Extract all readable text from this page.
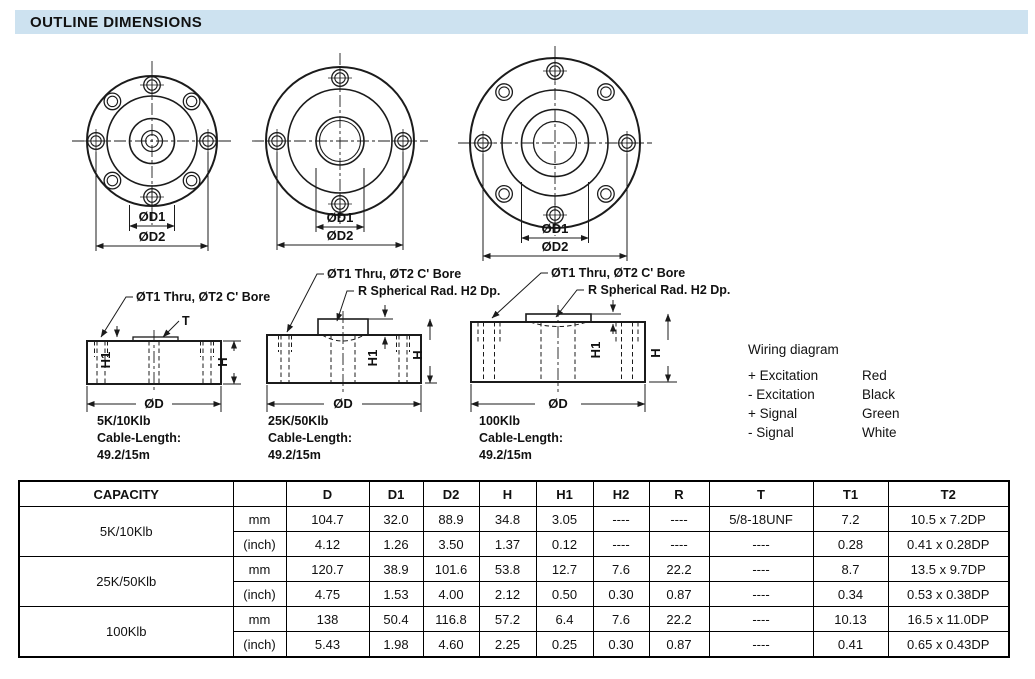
OUTLINE DIMENSIONS
ØD1
ØD2
ØD1
ØD2	ØD1
ØD2
ØT1 Thru, ØT2 C' Bore
T
H1	H
ØD
5K/10Klb
Cable-Length:
49.2/15m
ØT1 Thru, ØT2 C' Bore
R Spherical Rad. H2 Dp.
H1 H
ØD
25K/50Klb
Cable-Length:
49.2/15m
ØT1 Thru, ØT2 C' Bore
R Spherical Rad. H2 Dp.
H1	H
ØD
100Klb
Cable-Length:
49.2/15m
Wiring diagram
+ Excitation	Red
- Excitation	Black
+ Signal	Green
- Signal	White
CAPACITY		D	D1	D2	H	H1	H2	R	T	T1	T2
5K/10Klb	mm	104.7	32.0	88.9	34.8	3.05	----	----	5/8-18UNF	7.2	10.5 x 7.2DP
	(inch)	4.12	1.26	3.50	1.37	0.12	----	----	----	0.28	0.41 x 0.28DP
25K/50Klb	mm	120.7	38.9	101.6	53.8	12.7	7.6	22.2	----	8.7	13.5 x 9.7DP
	(inch)	4.75	1.53	4.00	2.12	0.50	0.30	0.87	----	0.34	0.53 x 0.38DP
100Klb	mm	138	50.4	116.8	57.2	6.4	7.6	22.2	----	10.13	16.5 x 11.0DP
	(inch)	5.43	1.98	4.60	2.25	0.25	0.30	0.87	----	0.41	0.65 x 0.43DP
